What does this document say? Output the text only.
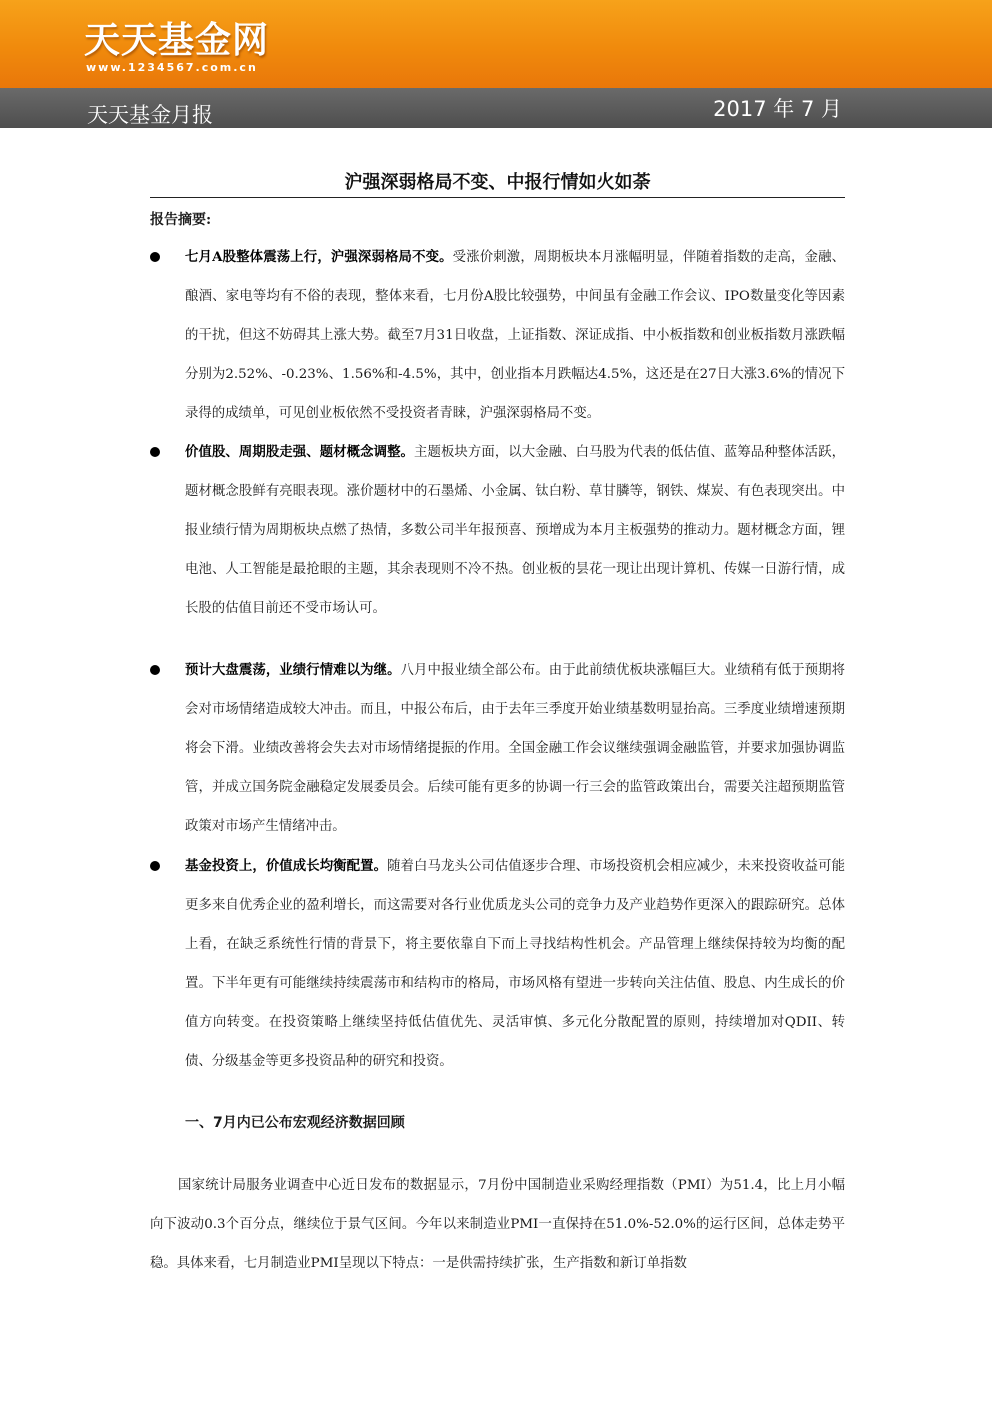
天天基金网
www.1234567.com.cn
天天基金月报	2017 年 7 月
沪强深弱格局不变、中报行情如火如荼
报告摘要:

七月A股整体震荡上行，沪强深弱格局不变。受涨价刺激，周期板块本月涨幅明显，伴随着指数的走高，金融、酿酒、家电等均有不俗的表现，整体来看，七月份A股比较强势，中间虽有金融工作会议、IPO数量变化等因素的干扰，但这不妨碍其上涨大势。截至7月31日收盘，上证指数、深证成指、中小板指数和创业板指数月涨跌幅分别为2.52%、-0.23%、1.56%和-4.5%，其中，创业指本月跌幅达4.5%，这还是在27日大涨3.6%的情况下录得的成绩单，可见创业板依然不受投资者青睐，沪强深弱格局不变。

价值股、周期股走强、题材概念调整。主题板块方面，以大金融、白马股为代表的低估值、蓝筹品种整体活跃，题材概念股鲜有亮眼表现。涨价题材中的石墨烯、小金属、钛白粉、草甘膦等，钢铁、煤炭、有色表现突出。中报业绩行情为周期板块点燃了热情，多数公司半年报预喜、预增成为本月主板强势的推动力。题材概念方面，锂电池、人工智能是最抢眼的主题，其余表现则不冷不热。创业板的昙花一现让出现计算机、传媒一日游行情，成长股的估值目前还不受市场认可。

预计大盘震荡，业绩行情难以为继。八月中报业绩全部公布。由于此前绩优板块涨幅巨大。业绩稍有低于预期将会对市场情绪造成较大冲击。而且，中报公布后，由于去年三季度开始业绩基数明显抬高。三季度业绩增速预期将会下滑。业绩改善将会失去对市场情绪提振的作用。全国金融工作会议继续强调金融监管，并要求加强协调监管，并成立国务院金融稳定发展委员会。后续可能有更多的协调一行三会的监管政策出台，需要关注超预期监管政策对市场产生情绪冲击。

基金投资上，价值成长均衡配置。随着白马龙头公司估值逐步合理、市场投资机会相应减少，未来投资收益可能更多来自优秀企业的盈利增长，而这需要对各行业优质龙头公司的竞争力及产业趋势作更深入的跟踪研究。总体上看，在缺乏系统性行情的背景下，将主要依靠自下而上寻找结构性机会。产品管理上继续保持较为均衡的配置。下半年更有可能继续持续震荡市和结构市的格局，市场风格有望进一步转向关注估值、股息、内生成长的价值方向转变。在投资策略上继续坚持低估值优先、灵活审慎、多元化分散配置的原则，持续增加对QDII、转债、分级基金等更多投资品种的研究和投资。

一、7月内已公布宏观经济数据回顾

国家统计局服务业调查中心近日发布的数据显示，7月份中国制造业采购经理指数（PMI）为51.4，比上月小幅向下波动0.3个百分点，继续位于景气区间。今年以来制造业PMI一直保持在51.0%-52.0%的运行区间，总体走势平稳。具体来看，七月制造业PMI呈现以下特点：一是供需持续扩张，生产指数和新订单指数
